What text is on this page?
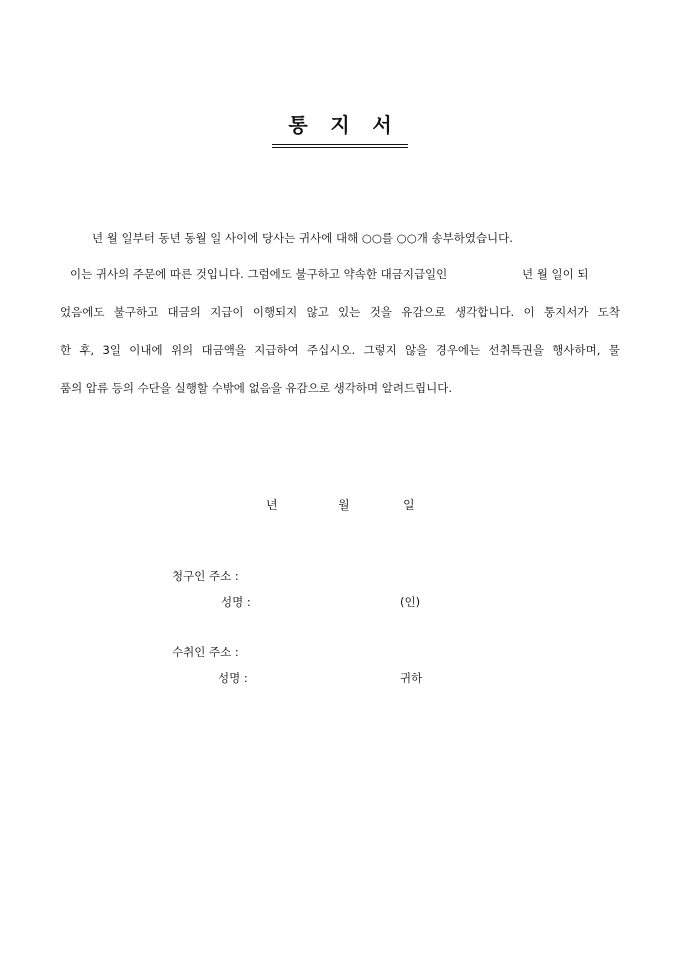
통 지 서
년 월 일부터 동년 동월 일 사이에 당사는 귀사에 대해 ○○를 ○○개 송부하였습니다.
이는 귀사의 주문에 따른 것입니다. 그럼에도 불구하고 약속한 대금지급일인	년 월 일이 되
었음에도 불구하고 대금의 지급이 이행되지 않고 있는 것을 유감으로 생각합니다. 이 통지서가 도착
한 후, 3일 이내에 위의 대금액을 지급하여 주십시오. 그렇지 않을 경우에는 선취특권을 행사하며, 물
품의 압류 등의 수단을 실행할 수밖에 없음을 유감으로 생각하며 알려드립니다.
년	월	일
청구인 주소 :
성명 :	(인)
수취인 주소 :
성명 :	귀하
